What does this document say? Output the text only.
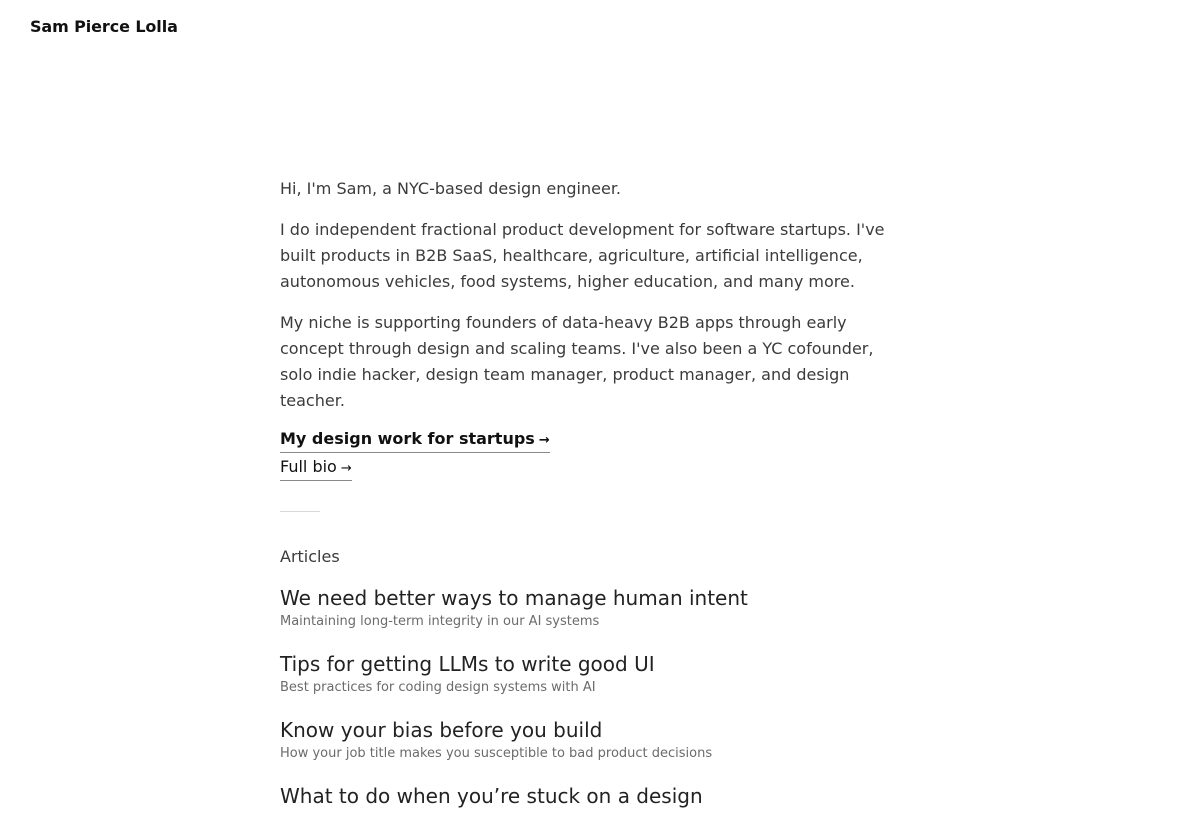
Sam Pierce Lolla

Hi, I'm Sam, a NYC-based design engineer.

I do independent fractional product development for software startups. I've built products in B2B SaaS, healthcare, agriculture, artificial intelligence, autonomous vehicles, food systems, higher education, and many more.

My niche is supporting founders of data-heavy B2B apps through early concept through design and scaling teams. I've also been a YC cofounder, solo indie hacker, design team manager, product manager, and design teacher.

My design work for startups →
Full bio →
Articles
We need better ways to manage human intent
Maintaining long-term integrity in our AI systems
Tips for getting LLMs to write good UI
Best practices for coding design systems with AI
Know your bias before you build
How your job title makes you susceptible to bad product decisions
What to do when you’re stuck on a design
